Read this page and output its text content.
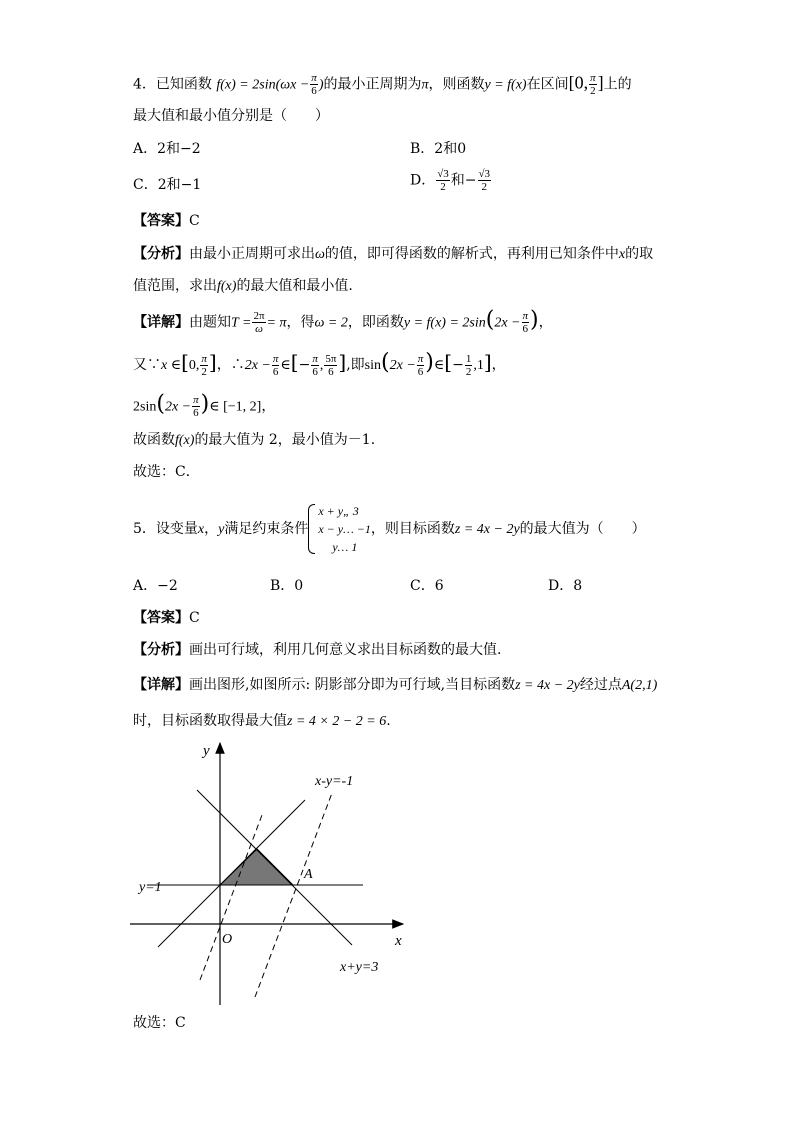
4．已知函数 $f(x) = 2\sin(\omega x - \frac{\pi}{6}$ )的最小正周期为π，则函数y = f(x)在区间[0, $\frac{\pi}{2}$ ]上的
最大值和最小值分别是（　　）
A．2和−2	B．2和0
C．2和−1	D． $\frac{√3}{2}$ 和− $\frac{√3}{2}$
【答案】C
【分析】由最小正周期可求出ω的值，即可得函数的解析式，再利用已知条件中x的取
值范围，求出f(x)的最大值和最小值.
【详解】由题知$T = \frac{2\pi}{\omega} = \pi$，得ω = 2，即函数$y = f(x) = 2\sin(2x - \frac{\pi}{6}$ )，
又∵x ∈[0, $\frac{\pi}{2}$ ]，∴2x − $\frac{\pi}{6}$ ∈[− $\frac{\pi}{6}$ , $\frac{5\pi}{6}$ ],即$\sin(2x - \frac{\pi}{6}$ )∈[− $\frac{1}{2} ,1$]，
$2\sin(2x - \frac{\pi}{6}$ )∈ [−1, 2]，
故函数f(x)的最大值为 2，最小值为－1.
故选：C．
5．设变量x，y满足约束条件
x + y„ 3
x − y… −1
y… 1
，则目标函数z = 4x − 2y的最大值为（　　）
A．−2	B．0	C．6	D．8
【答案】C
【分析】画出可行域，利用几何意义求出目标函数的最大值.
【详解】画出图形,如图所示: 阴影部分即为可行域,当目标函数z = 4x − 2y经过点A(2,1)
时，目标函数取得最大值z = 4 × 2 − 2 = 6.
y
x
O
x-y=-1
x+y=3
y=1
A
故选：C
